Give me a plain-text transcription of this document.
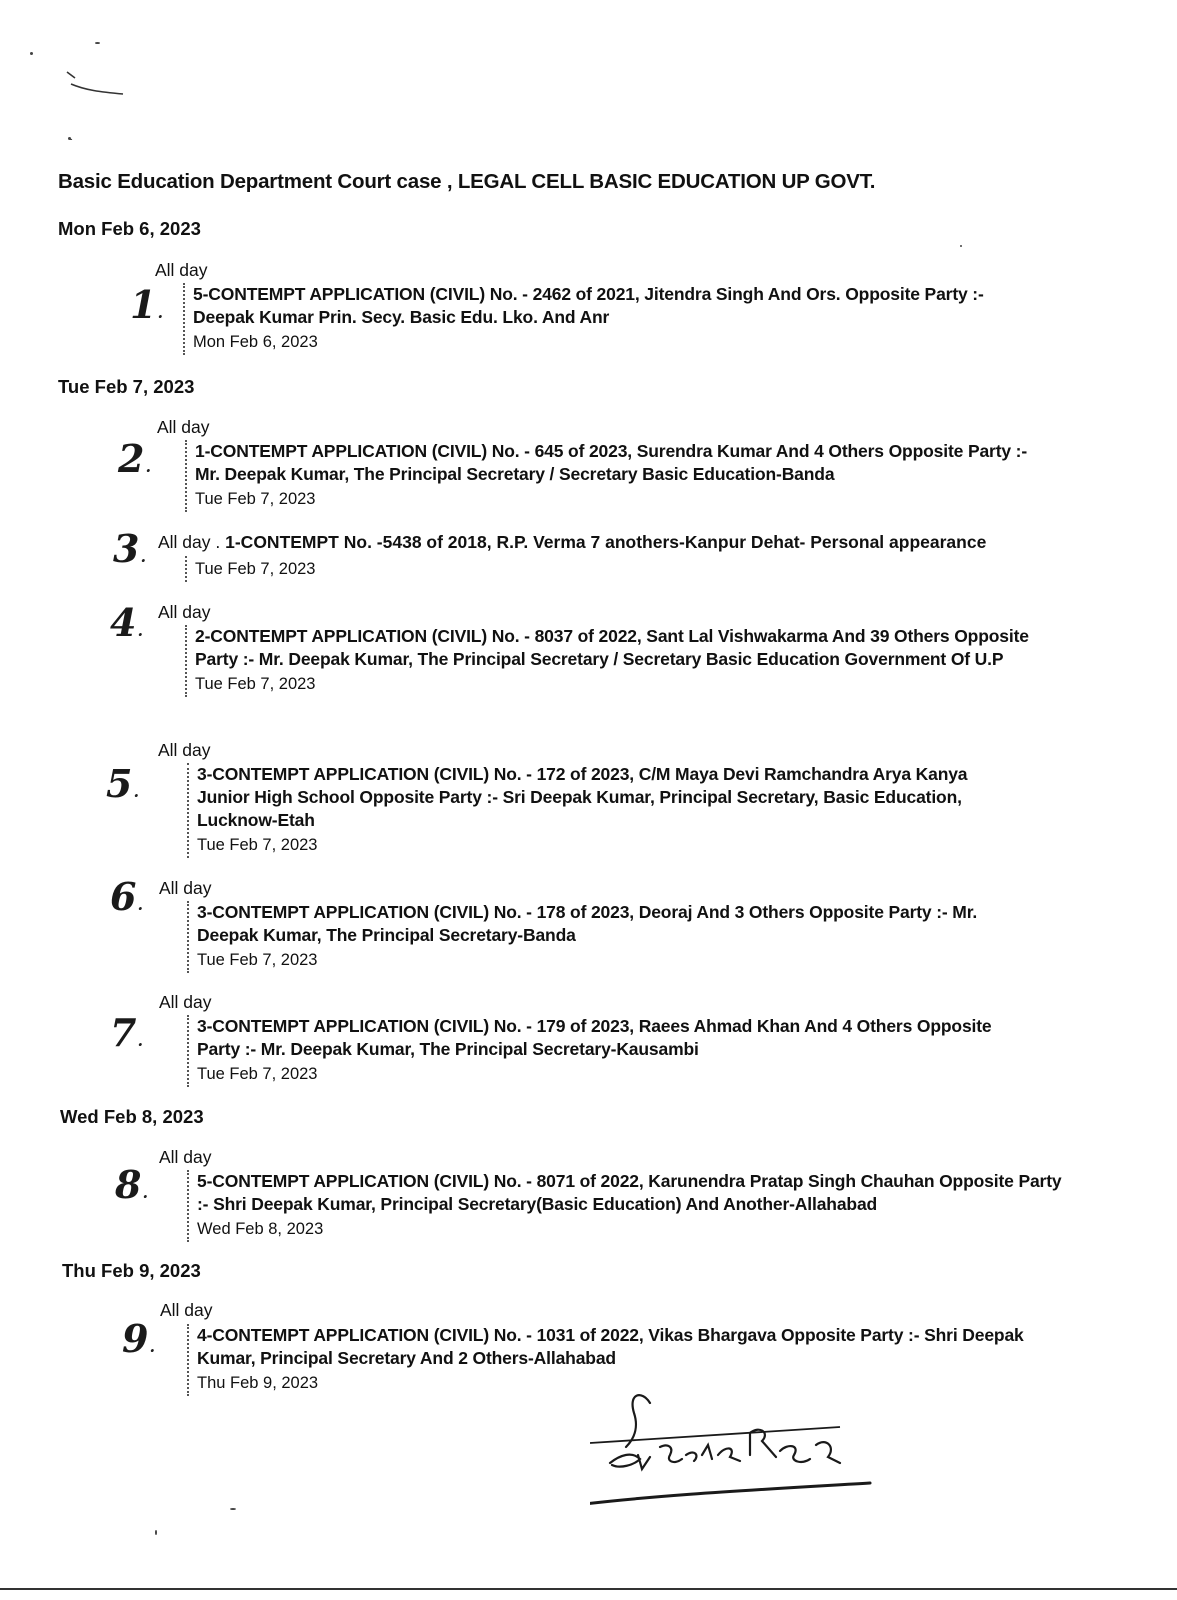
Basic Education Department Court case , LEGAL CELL BASIC EDUCATION UP GOVT.
Mon Feb 6, 2023
All day
1.
5-CONTEMPT APPLICATION (CIVIL) No. - 2462 of 2021, Jitendra Singh And Ors. Opposite Party :- Deepak Kumar Prin. Secy. Basic Edu. Lko. And Anr
Mon Feb 6, 2023
Tue Feb 7, 2023
All day
2.
1-CONTEMPT APPLICATION (CIVIL) No. - 645 of 2023, Surendra Kumar And 4 Others Opposite Party :- Mr. Deepak Kumar, The Principal Secretary / Secretary Basic Education-Banda
Tue Feb 7, 2023
3.
All day . 1-CONTEMPT No. -5438 of 2018, R.P. Verma 7 anothers-Kanpur Dehat- Personal appearance
Tue Feb 7, 2023
All day
4.	2-CONTEMPT APPLICATION (CIVIL) No. - 8037 of 2022, Sant Lal Vishwakarma And 39 Others Opposite Party :- Mr. Deepak Kumar, The Principal Secretary / Secretary Basic Education Government Of U.P
Tue Feb 7, 2023
All day
5.
3-CONTEMPT APPLICATION (CIVIL) No. - 172 of 2023, C/M Maya Devi Ramchandra Arya Kanya Junior High School Opposite Party :- Sri Deepak Kumar, Principal Secretary, Basic Education, Lucknow-Etah
Tue Feb 7, 2023
All day
6.	3-CONTEMPT APPLICATION (CIVIL) No. - 178 of 2023, Deoraj And 3 Others Opposite Party :- Mr. Deepak Kumar, The Principal Secretary-Banda
Tue Feb 7, 2023
All day
7.
3-CONTEMPT APPLICATION (CIVIL) No. - 179 of 2023, Raees Ahmad Khan And 4 Others Opposite Party :- Mr. Deepak Kumar, The Principal Secretary-Kausambi
Tue Feb 7, 2023
Wed Feb 8, 2023
All day
8.
5-CONTEMPT APPLICATION (CIVIL) No. - 8071 of 2022, Karunendra Pratap Singh Chauhan Opposite Party :- Shri Deepak Kumar, Principal Secretary(Basic Education) And Another-Allahabad
Wed Feb 8, 2023
Thu Feb 9, 2023
All day
9.
4-CONTEMPT APPLICATION (CIVIL) No. - 1031 of 2022, Vikas Bhargava Opposite Party :- Shri Deepak Kumar, Principal Secretary And 2 Others-Allahabad
Thu Feb 9, 2023
